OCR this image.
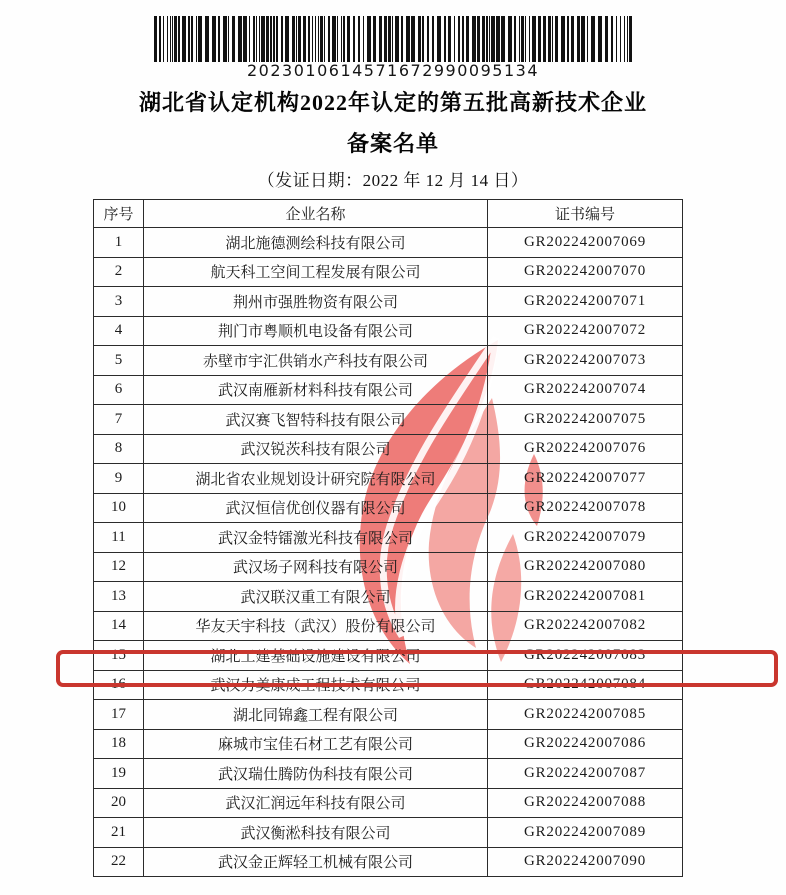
2023010614571672990095134
湖北省认定机构2022年认定的第五批高新技术企业
备案名单
（发证日期：2022 年 12 月 14 日）
序号	企业名称	证书编号
1	湖北施德测绘科技有限公司	GR202242007069
2	航天科工空间工程发展有限公司	GR202242007070
3	荆州市强胜物资有限公司	GR202242007071
4	荆门市粤顺机电设备有限公司	GR202242007072
5	赤壁市宇汇供销水产科技有限公司	GR202242007073
6	武汉南雁新材料科技有限公司	GR202242007074
7	武汉赛飞智特科技有限公司	GR202242007075
8	武汉锐茨科技有限公司	GR202242007076
9	湖北省农业规划设计研究院有限公司	GR202242007077
10	武汉恒信优创仪器有限公司	GR202242007078
11	武汉金特镭激光科技有限公司	GR202242007079
12	武汉场子网科技有限公司	GR202242007080
13	武汉联汉重工有限公司	GR202242007081
14	华友天宇科技（武汉）股份有限公司	GR202242007082
15	湖北工建基础设施建设有限公司	GR202242007083
16	武汉力美康成工程技术有限公司	GR202242007084
17	湖北同锦鑫工程有限公司	GR202242007085
18	麻城市宝佳石材工艺有限公司	GR202242007086
19	武汉瑞仕腾防伪科技有限公司	GR202242007087
20	武汉汇润远年科技有限公司	GR202242007088
21	武汉衡淞科技有限公司	GR202242007089
22	武汉金正辉轻工机械有限公司	GR202242007090
